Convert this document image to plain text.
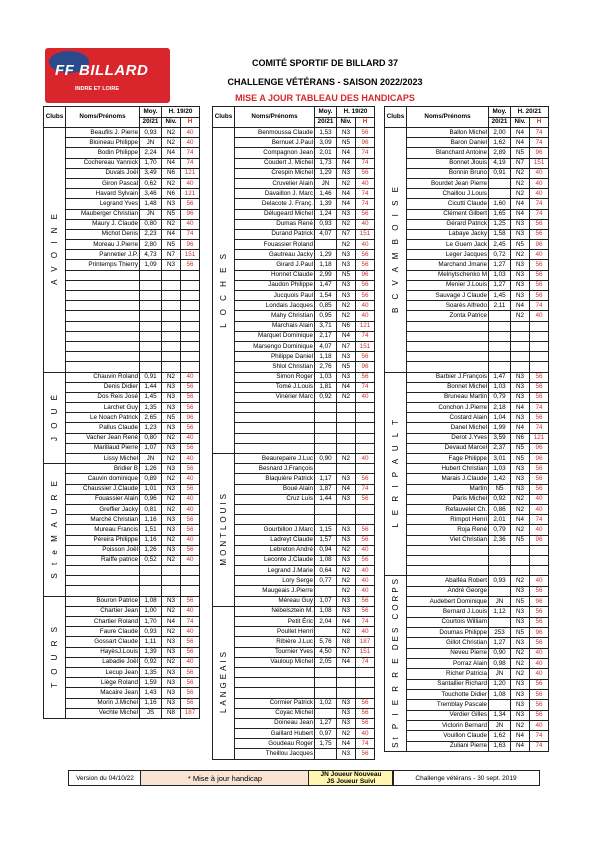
FF BILLARD
INDRE ET LOIRE
COMITÉ SPORTIF DE BILLARD 37
CHALLENGE VÉTÉRANS - SAISON 2022/2023
MISE A JOUR TABLEAU DES HANDICAPS
Clubs	Noms/Prénoms	Moy.	H. 19/20	
		20/21	Niv.	H
A V O I N E	Beaufils J. Pierre	0,93	N2	40
	Bloineau Philippe	JN	N2	40
	Bodin Philippe	2,24	N4	74
	Cochereau Yannick	1,70	N4	74
	Duvals Joël	3,49	N6	121
	Giron Pascal	0,62	N2	40
	Havard Sylvain	3,46	N6	121
	Legrand Yves	1,48	N3	56
	Mauberger Christian	JN	N5	96
	Maury J. Claude	0,80	N2	40
	Michot Denis	2,23	N4	74
	Moreau J.Pierre	2,80	N5	96
	Pannetier J.P.	4,73	N7	151
	Printemps Thierry	1,09	N3	56

J O U É	Chauvin Roland	0,91	N2	40
	Denis Didier	1,44	N3	56
	Dos Reis José	1,45	N3	56
	Larchet Guy	1,35	N3	56
	Le Noach Patrick	2,65	N5	96
	Pallus Claude	1,23	N3	56
	Vacher Jean René	0,80	N2	40
	Marillaud Pierre	1,07	N3	56
	Lissy Michel	JN	N2	40
S t e M A U R E	Bridier B	1,26	N3	56
	Cauvin dominique	0,89	N2	40
	Chaussier J.Claude	1,01	N3	56
	Fouassier Alain	0,96	N2	40
	Greffier Jacky	0,81	N2	40
	Marché Christian	1,16	N3	56
	Mureau Francis	1,51	N3	56
	Péreira Philippe	1,16	N2	40
	Poisson Joël	1,26	N3	56
	Raiffe patrice	0,52	N2	40

T O U R S	Bouron Patrice	1,08	N3	56
	Chartier Jean	1,00	N2	40
	Chartier Roland	1,70	N4	74
	Faure Claude	0,93	N2	40
	Gossart Claude	1,11	N3	56
	HayèsJ.Louis	1,39	N3	56
	Labadie Joël	0,92	N2	40
	Lecup Jean	1,35	N3	56
	Liège Roland	1,59	N3	56
	Macaire Jean	1,43	N3	56
	Morin J.Michel	1,16	N3	56
	Vechte Michel	JS	N8	187
Clubs	Noms/Prénoms	Moy.	H. 19/20	
		20/21	Niv.	H
L O C H E S	Benmoussa Claude	1,53	N3	56
	Bernuet J.Paul	3,09	N5	96
	Compagnon Jean	2,01	N4	74
	Coudert J. Michel	1,73	N4	74
	Crespin Michel	1,29	N3	56
	Cruvelier Alain	JN	N2	40
	Davaillon J. Marc	1,46	N4	74
	Delacote J. Franç.	1,39	N4	74
	Délugeard Michel	1,24	N3	56
	Dumas René	0,93	N2	40
	Durand Patrick	4,07	N7	151
	Fouassier Roland		N2	40
	Gautreau Jacky	1,29	N3	56
	Girard J.Paul	1,18	N3	56
	Honnet Claude	2,99	N5	96
	Jaudon Philippe	1,47	N3	56
	Jucquois Paul	1,54	N3	56
	Londais Jacques	0,85	N2	40
	Mahy Christian	0,95	N2	40
	Marchais Alain	3,71	N6	121
	Marquet Dominique	2,17	N4	74
	Marsengo Dominique	4,07	N7	151
	Philippe Daniel	1,18	N3	56
	Shlol Christian	2,76	N5	96
	Simon Roger	1,03	N3	56
	Tomé J.Louis	1,81	N4	74
	Vinérier Marc	0,92	N2	40

MONTLOUIS	Beaurepaire J.Luc	0,90	N2	40
	Besnard J.François			
	Blaquière Patrick	1,17	N3	56
	Boué Alain	1,87	N4	74
	Cruz Luis	1,44	N3	56

	Gourbillon J.Marc	1,15	N3	56
	Ladreyt Claude	1,57	N3	56
	Lebreton André	0,94	N2	40
	Leconte J.Claude	1,08	N3	56
	Legrand J.Marie	0,64	N2	40
	Lory Serge	0,77	N2	40
	Maugeais J.Pierre		N2	40
	Méreau Guy	1,07	N3	56
LANGEAIS	Nébelsztein M.	1,08	N3	56
	Petit Éric	2,04	N4	74
	Poullet Henri		N2	40
	Ribière J.Luc	5,76	N8	187
	Tournier Yves	4,50	N7	151
	Vauloup Michel	2,05	N4	74

	Cormier Patrick	1,02	N3	56
	Coyac Michel		N3	56
	Doineau Jean	1,27	N3	56
	Gaillard Hubert	0,97	N2	40
	Goudeau Roger	1,75	N4	74
	Theillou Jacques		N3	56
Clubs	Noms/Prénoms	Moy.	H. 20/21	
		20/21	Niv.	H
B C V A M B O I S E	Ballon Michel	2,00	N4	74
	Baron Daniel	1,62	N4	74
	Blanchard Antoine	2,89	N5	96
	Bonnet Jlouis	4,19	N7	151
	Bonnin Bruno	0,91	N2	40
	Bourdet Jean Pierre		N2	40
	Chaillou J.Louis		N2	40
	Cicutti Claude	1,60	N4	74
	Clément Gilbert	1,65	N4	74
	Gérard Patrick	1,25	N3	56
	Labaye Jacky	1,58	N3	56
	Le Guern Jack	2,45	N5	96
	Leger Jacques	0,72	N2	40
	Marchand Jmarie	1,27	N3	56
	Melnytschenko M	1,03	N3	56
	Menier J.Louis	1,27	N3	56
	Sauvage J Claude	1,45	N3	56
	Soarès Alfredo	2,11	N4	74
	Zonta Patrice		N2	40

L E R I P A U L T	Barbier J.François	1,47	N3	56
	Bonnet Michel	1,03	N3	56
	Bruneau Martin	0,79	N3	56
	Conchon J.Pierre	2,18	N4	74
	Costard Alain	1,04	N3	56
	Danel Michel	1,99	N4	74
	Derot J.Yves	3,59	N6	121
	Devaud Marcel	2,37	N5	96
	Fage Philippe	3,01	N5	96
	Hubert Christian	1,03	N3	56
	Marais J.Claude	1,42	N3	56
	Martin	N5	N3	56
	Paris Michel	0,92	N2	40
	Refauvelet Ch.	0,86	N2	40
	Rimpot Henri	2,01	N4	74
	Roja René	0,79	N2	40
	Viet Christian	2,36	N5	96

St P I E R R E DES CORPS	Abalféa Robert	0,93	N2	40
	André George		N3	56
	Audebert Dominique	JN	N5	96
	Bernard J.Louis	1,12	N3	56
	Courtois William		N3	56
	Doumas Philippe	253	N5	96
	Gillot Christian	1,27	N3	56
	Neveu Pierre	0,90	N2	40
	Porraz Alain	0,98	N2	40
	Richer Patricia	JN	N2	40
	Santallier Richard	1,20	N3	56
	Touchotte Didier	1,08	N3	56
	Tremblay Pascale		N3	56
	Verdier Gilles	1,34	N3	56
	Victorin Bernard	JN	N2	40
	Vouillon Claude	1,62	N4	74
	Zuliani Pierre	1,63	N4	74
Version du 04/10/22	* Mise à jour handicap	JN Joueur Nouveau
JS Joueur Suivi	Challenge vétérans - 30 sept. 2019
